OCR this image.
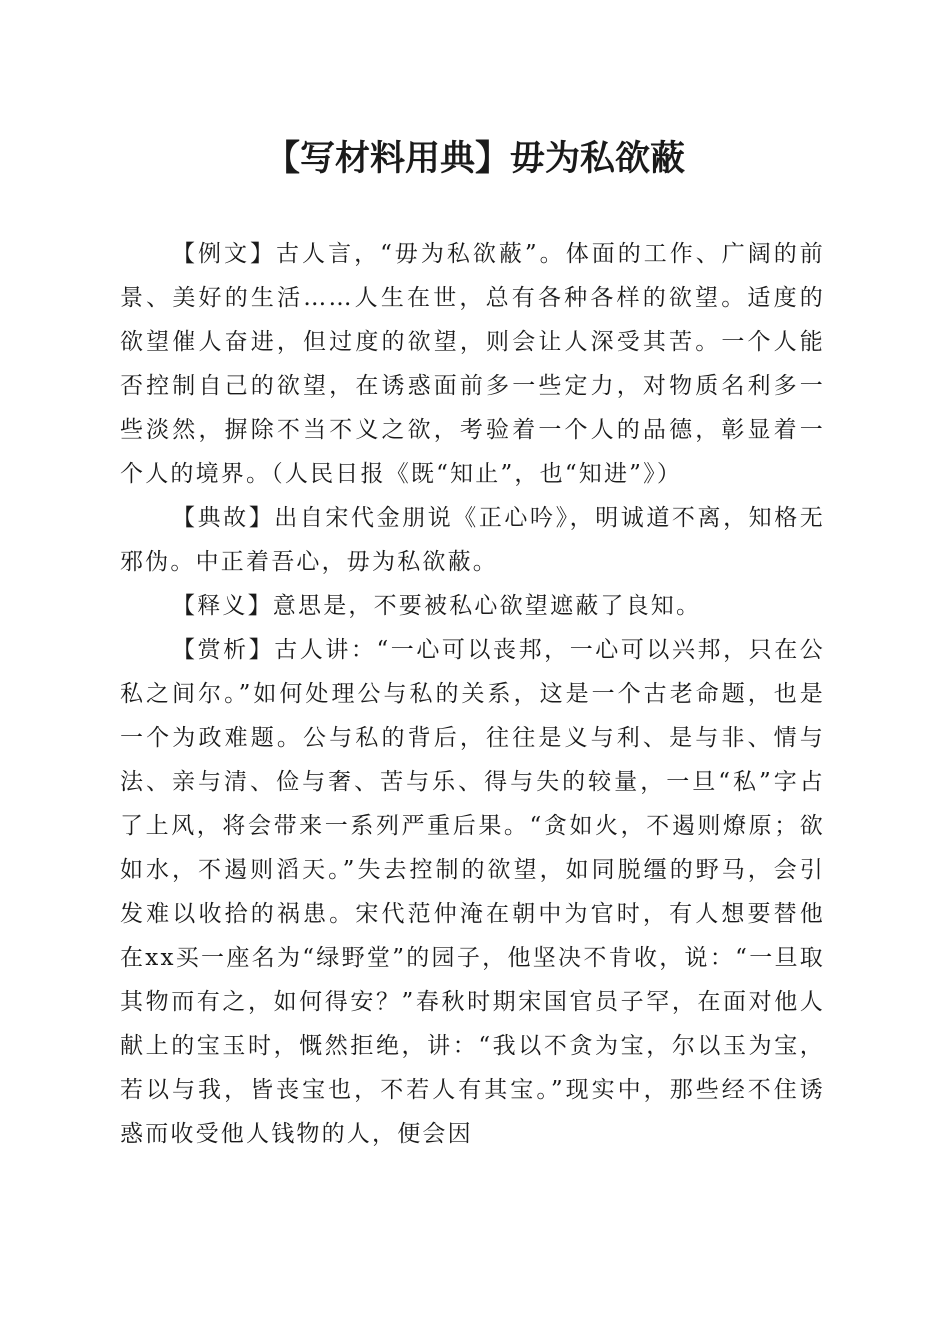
【写材料用典】毋为私欲蔽

【例文】古人言，“毋为私欲蔽”。体面的工作、广阔的前景、美好的生活……人生在世，总有各种各样的欲望。适度的欲望催人奋进，但过度的欲望，则会让人深受其苦。一个人能否控制自己的欲望，在诱惑面前多一些定力，对物质名利多一些淡然，摒除不当不义之欲，考验着一个人的品德，彰显着一个人的境界。（人民日报《既“知止”，也“知进”》）

【典故】出自宋代金朋说《正心吟》，明诚道不离，知格无邪伪。中正着吾心，毋为私欲蔽。

【释义】意思是，不要被私心欲望遮蔽了良知。

【赏析】古人讲：“一心可以丧邦，一心可以兴邦，只在公私之间尔。”如何处理公与私的关系，这是一个古老命题，也是一个为政难题。公与私的背后，往往是义与利、是与非、情与法、亲与清、俭与奢、苦与乐、得与失的较量，一旦“私”字占了上风，将会带来一系列严重后果。“贪如火，不遏则燎原；欲如水，不遏则滔天。”失去控制的欲望，如同脱缰的野马，会引发难以收拾的祸患。宋代范仲淹在朝中为官时，有人想要替他在xx买一座名为“绿野堂”的园子，他坚决不肯收，说：“一旦取其物而有之，如何得安？”春秋时期宋国官员子罕，在面对他人献上的宝玉时，慨然拒绝，讲：“我以不贪为宝，尔以玉为宝，若以与我，皆丧宝也，不若人有其宝。”现实中，那些经不住诱惑而收受他人钱物的人，便会因
